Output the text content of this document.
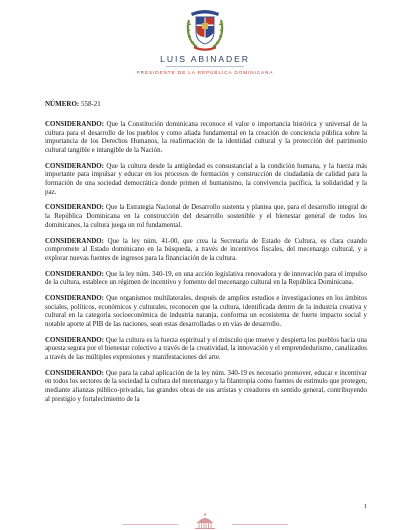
LUIS ABINADER
PRESIDENTE DE LA REPÚBLICA DOMINICANA
NÚMERO: 558-21

CONSIDERANDO: Que la Constitución dominicana reconoce el valor e importancia histórica y universal de la cultura para el desarrollo de los pueblos y como aliada fundamental en la creación de conciencia pública sobre la importancia de los Derechos Humanos, la reafirmación de la identidad cultural y la protección del patrimonio cultural tangible e intangible de la Nación.

CONSIDERANDO: Que la cultura desde la antigüedad es consustancial a la condición humana, y la fuerza más importante para impulsar y educar en los procesos de formación y construcción de ciudadanía de calidad para la formación de una sociedad democrática donde primen el humanismo, la convivencia pacífica, la solidaridad y la paz.

CONSIDERANDO: Que la Estrategia Nacional de Desarrollo sustenta y plantea que, para el desarrollo integral de la República Dominicana en la construcción del desarrollo sostenible y el bienestar general de todos los dominicanos, la cultura juega un rol fundamental.

CONSIDERANDO: Que la ley núm. 41-00, que crea la Secretaría de Estado de Cultura, es clara cuando compromete al Estado dominicano en la búsqueda, a través de incentivos fiscales, del mecenazgo cultural, y a explorar nuevas fuentes de ingresos para la financiación de la cultura.

CONSIDERANDO: Que la ley núm. 340-19, en una acción legislativa renovadora y de innovación para el impulso de la cultura, establece un régimen de incentivo y fomento del mecenazgo cultural en la República Dominicana.

CONSIDERANDO: Que organismos multilaterales, después de amplios estudios e investigaciones en los ámbitos sociales, políticos, económicos y culturales, reconocen que la cultura, identificada dentro de la industria creativa y cultural en la categoría socioeconómica de industria naranja, conforma un ecosistema de fuerte impacto social y notable aporte al PIB de las naciones, sean estas desarrolladas o en vías de desarrollo.

CONSIDERANDO: Que la cultura es la fuerza espiritual y el músculo que mueve y despierta los pueblos hacia una apuesta segura por el bienestar colectivo a través de la creatividad, la innovación y el emprendedurismo, canalizados a través de las múltiples expresiones y manifestaciones del arte.

CONSIDERANDO: Que para la cabal aplicación de la ley núm. 340-19 es necesario promover, educar e incentivar en todos los sectores de la sociedad la cultura del mecenazgo y la filantropía como fuentes de estímulo que protegen, mediante alianzas público-privadas, las grandes obras de sus artistas y creadores en sentido general, contribuyendo al prestigio y fortalecimiento de la

1
